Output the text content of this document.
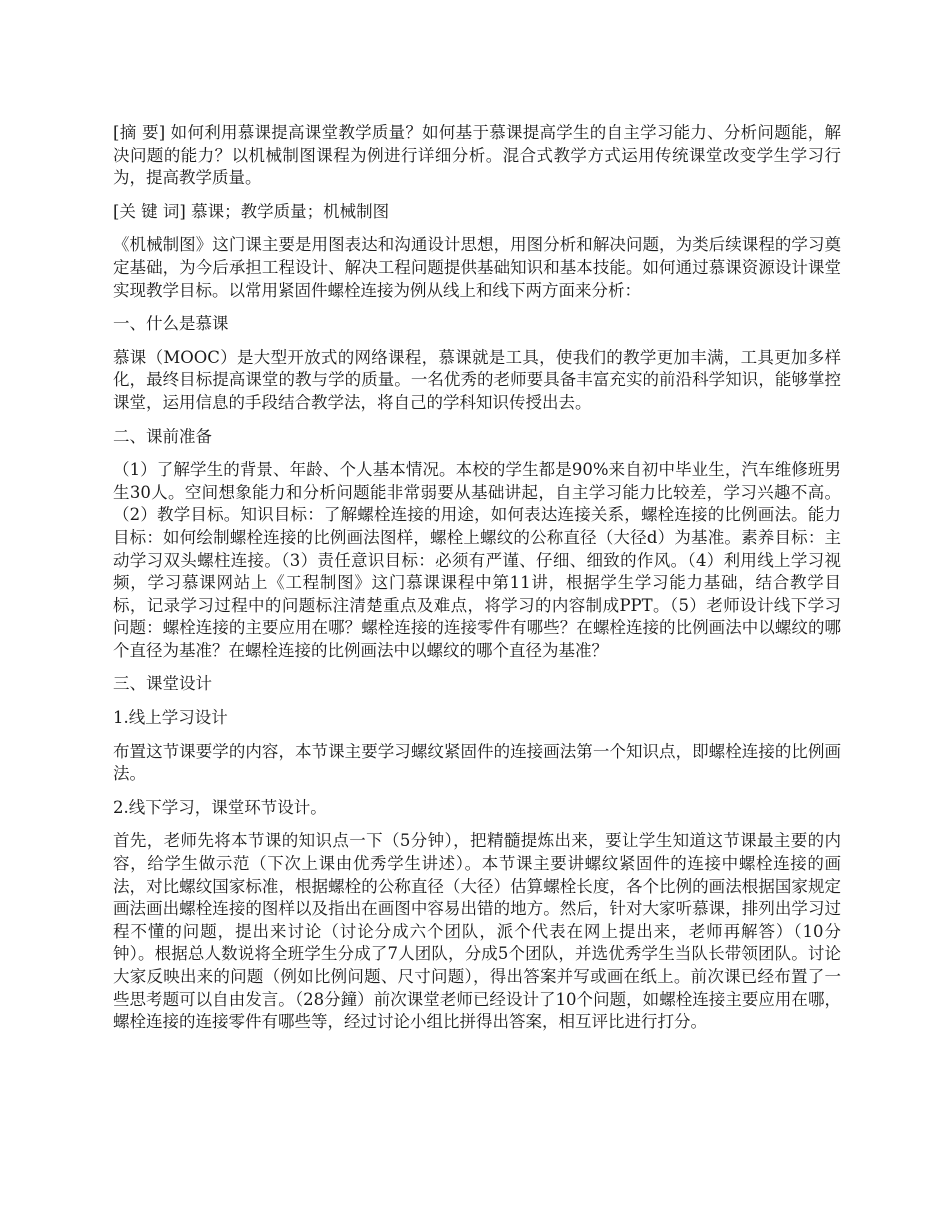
[摘 要] 如何利用慕课提高课堂教学质量？如何基于慕课提高学生的自主学习能力、分析问题能，解决问题的能力？以机械制图课程为例进行详细分析。混合式教学方式运用传统课堂改变学生学习行为，提高教学质量。

[关 键 词] 慕课；教学质量；机械制图

《机械制图》这门课主要是用图表达和沟通设计思想，用图分析和解决问题，为类后续课程的学习奠定基础，为今后承担工程设计、解决工程问题提供基础知识和基本技能。如何通过慕课资源设计课堂实现教学目标。以常用紧固件螺栓连接为例从线上和线下两方面来分析：

一、什么是慕课

慕课（MOOC）是大型开放式的网络课程，慕课就是工具，使我们的教学更加丰满，工具更加多样化，最终目标提高课堂的教与学的质量。一名优秀的老师要具备丰富充实的前沿科学知识，能够掌控课堂，运用信息的手段结合教学法，将自己的学科知识传授出去。

二、课前准备

（1）了解学生的背景、年龄、个人基本情况。本校的学生都是90%来自初中毕业生，汽车维修班男生30人。空间想象能力和分析问题能非常弱要从基础讲起，自主学习能力比较差，学习兴趣不高。（2）教学目标。知识目标：了解螺栓连接的用途，如何表达连接关系，螺栓连接的比例画法。能力目标：如何绘制螺栓连接的比例画法图样，螺栓上螺纹的公称直径（大径d）为基准。素养目标：主动学习双头螺柱连接。（3）责任意识目标：必须有严谨、仔细、细致的作风。（4）利用线上学习视频，学习慕课网站上《工程制图》这门慕课课程中第11讲，根据学生学习能力基础，结合教学目标，记录学习过程中的问题标注清楚重点及难点，将学习的内容制成PPT。（5）老师设计线下学习问题：螺栓连接的主要应用在哪？螺栓连接的连接零件有哪些？在螺栓连接的比例画法中以螺纹的哪个直径为基准？在螺栓连接的比例画法中以螺纹的哪个直径为基准？

三、课堂设计

1.线上学习设计

布置这节课要学的内容，本节课主要学习螺纹紧固件的连接画法第一个知识点，即螺栓连接的比例画法。

2.线下学习，课堂环节设计。

首先，老师先将本节课的知识点一下（5分钟），把精髓提炼出来，要让学生知道这节课最主要的内容，给学生做示范（下次上课由优秀学生讲述）。本节课主要讲螺纹紧固件的连接中螺栓连接的画法，对比螺纹国家标准，根据螺栓的公称直径（大径）估算螺栓长度，各个比例的画法根据国家规定画法画出螺栓连接的图样以及指出在画图中容易出错的地方。然后，针对大家听慕课，排列出学习过程不懂的问题，提出来讨论（讨论分成六个团队，派个代表在网上提出来，老师再解答）（10分钟）。根据总人数说将全班学生分成了7人团队，分成5个团队，并选优秀学生当队长带领团队。讨论大家反映出来的问题（例如比例问题、尺寸问题），得出答案并写或画在纸上。前次课已经布置了一些思考题可以自由发言。（28分鐘）前次课堂老师已经设计了10个问题，如螺栓连接主要应用在哪，螺栓连接的连接零件有哪些等，经过讨论小组比拼得出答案，相互评比进行打分。
